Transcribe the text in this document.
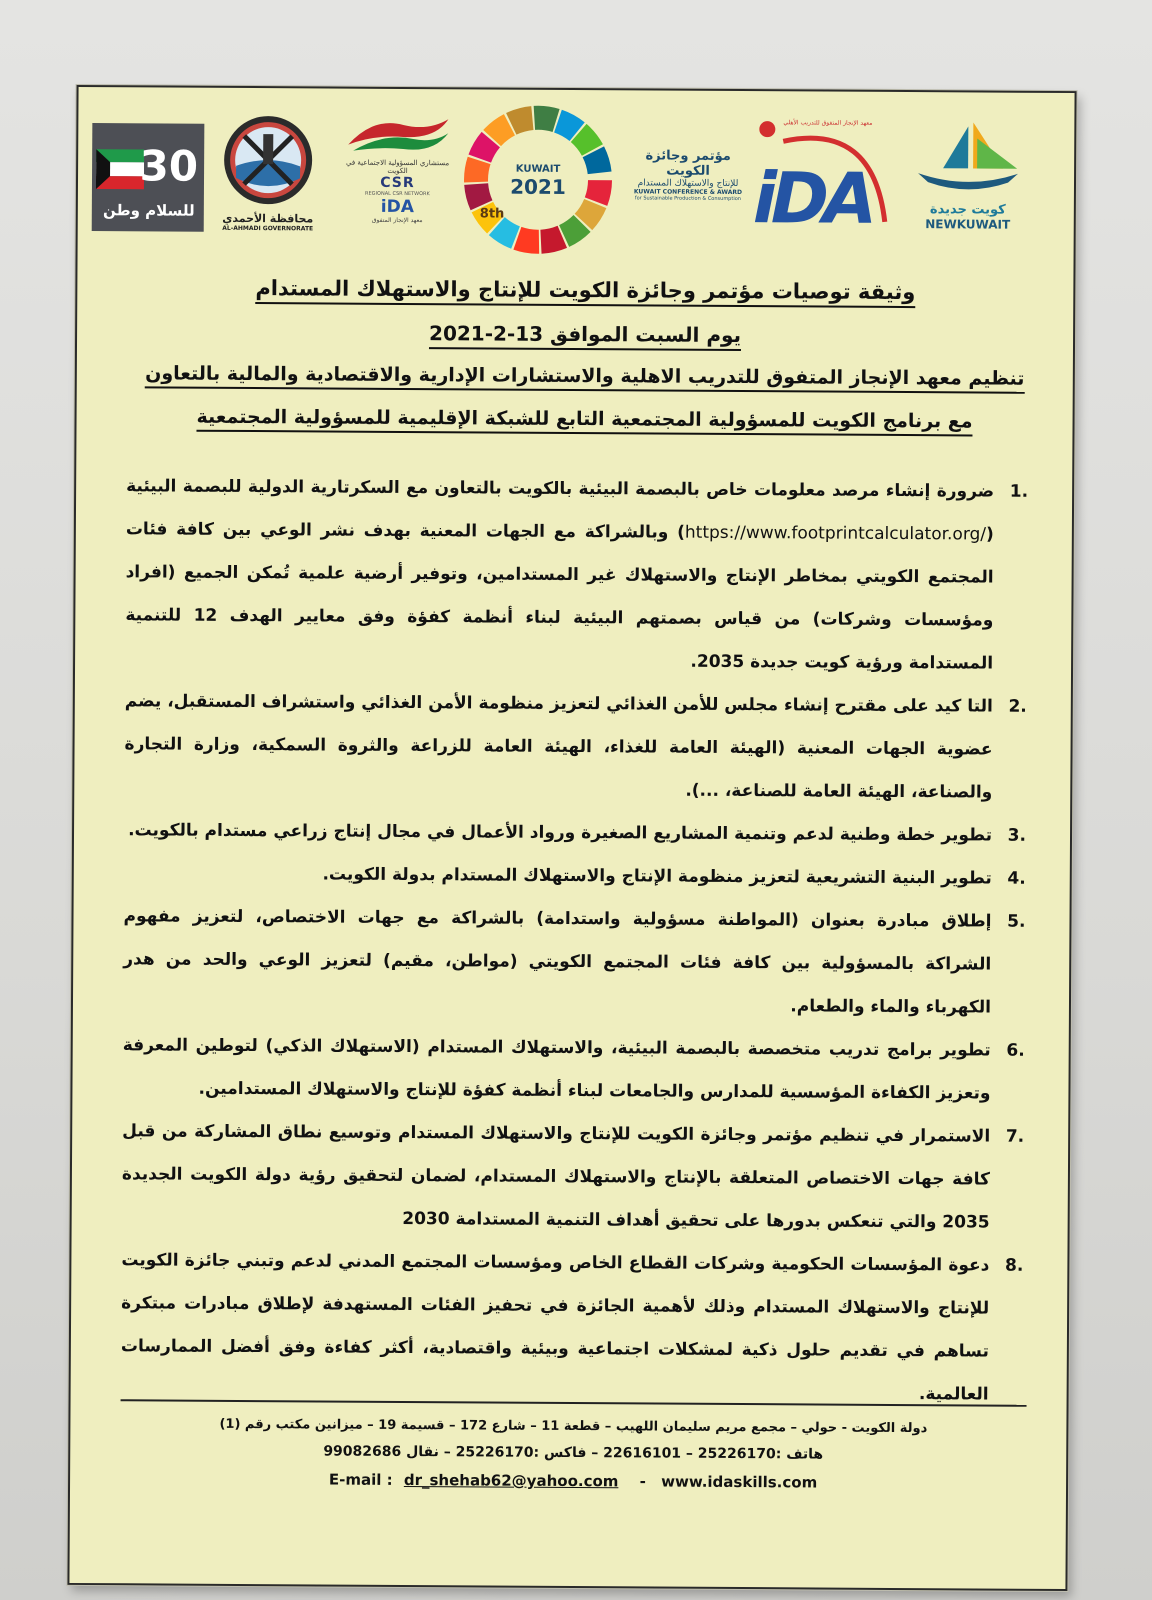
30
للسلام وطن	محافظة الأحمدي
AL-AHMADI GOVERNORATE
مستشاري المسؤولية الاجتماعية في الكويت
CSR
REGIONAL CSR NETWORK
iDA
معهد الإنجاز المتفوق
KUWAIT
2021
8th
مؤتمر وجائزة الكويت
للإنتاج والاستهلاك المستدام
KUWAIT CONFERENCE & AWARD
for Sustainable Production & Consumption
معهد الإنجاز المتفوق للتدريب الأهلي
iDA	كويت جديدة
NEWKUWAIT
وثيقة توصيات مؤتمر وجائزة الكويت للإنتاج والاستهلاك المستدام
يوم السبت الموافق 13-2-2021
تنظيم معهد الإنجاز المتفوق للتدريب الاهلية والاستشارات الإدارية والاقتصادية والمالية بالتعاون
مع برنامج الكويت للمسؤولية المجتمعية التابع للشبكة الإقليمية للمسؤولية المجتمعية
.1
ضرورة إنشاء مرصد معلومات خاص بالبصمة البيئية بالكويت بالتعاون مع السكرتارية الدولية للبصمة البيئية (https://www.footprintcalculator.org/) وبالشراكة مع الجهات المعنية بهدف نشر الوعي بين كافة فئات المجتمع الكويتي بمخاطر الإنتاج والاستهلاك غير المستدامين، وتوفير أرضية علمية تُمكن الجميع (افراد ومؤسسات وشركات) من قياس بصمتهم البيئية لبناء أنظمة كفؤة وفق معايير الهدف 12 للتنمية المستدامة ورؤية كويت جديدة 2035.
.2
التا كيد على مقترح إنشاء مجلس للأمن الغذائي لتعزيز منظومة الأمن الغذائي واستشراف المستقبل، يضم عضوية الجهات المعنية (الهيئة العامة للغذاء، الهيئة العامة للزراعة والثروة السمكية، وزارة التجارة والصناعة، الهيئة العامة للصناعة، ...).
.3
تطوير خطة وطنية لدعم وتنمية المشاريع الصغيرة ورواد الأعمال في مجال إنتاج زراعي مستدام بالكويت.
.4
تطوير البنية التشريعية لتعزيز منظومة الإنتاج والاستهلاك المستدام بدولة الكويت.
.5
إطلاق مبادرة بعنوان (المواطنة مسؤولية واستدامة) بالشراكة مع جهات الاختصاص، لتعزيز مفهوم الشراكة بالمسؤولية بين كافة فئات المجتمع الكويتي (مواطن، مقيم) لتعزيز الوعي والحد من هدر الكهرباء والماء والطعام.
.6
تطوير برامج تدريب متخصصة بالبصمة البيئية، والاستهلاك المستدام (الاستهلاك الذكي) لتوطين المعرفة وتعزيز الكفاءة المؤسسية للمدارس والجامعات لبناء أنظمة كفؤة للإنتاج والاستهلاك المستدامين.
.7
الاستمرار في تنظيم مؤتمر وجائزة الكويت للإنتاج والاستهلاك المستدام وتوسيع نطاق المشاركة من قبل كافة جهات الاختصاص المتعلقة بالإنتاج والاستهلاك المستدام، لضمان لتحقيق رؤية دولة الكويت الجديدة 2035 والتي تنعكس بدورها على تحقيق أهداف التنمية المستدامة 2030
.8
دعوة المؤسسات الحكومية وشركات القطاع الخاص ومؤسسات المجتمع المدني لدعم وتبني جائزة الكويت للإنتاج والاستهلاك المستدام وذلك لأهمية الجائزة في تحفيز الفئات المستهدفة لإطلاق مبادرات مبتكرة تساهم في تقديم حلول ذكية لمشكلات اجتماعية وبيئية واقتصادية، أكثر كفاءة وفق أفضل الممارسات العالمية.
دولة الكويت - حولي – مجمع مريم سليمان اللهيب – قطعة 11 – شارع 172 – قسيمة 19 – ميزانين مكتب رقم (1)
هاتف :25226170 – 22616101 – فاكس :25226170 – نقال 99082686
E-mail : dr_shehab62@yahoo.com - www.idaskills.com
